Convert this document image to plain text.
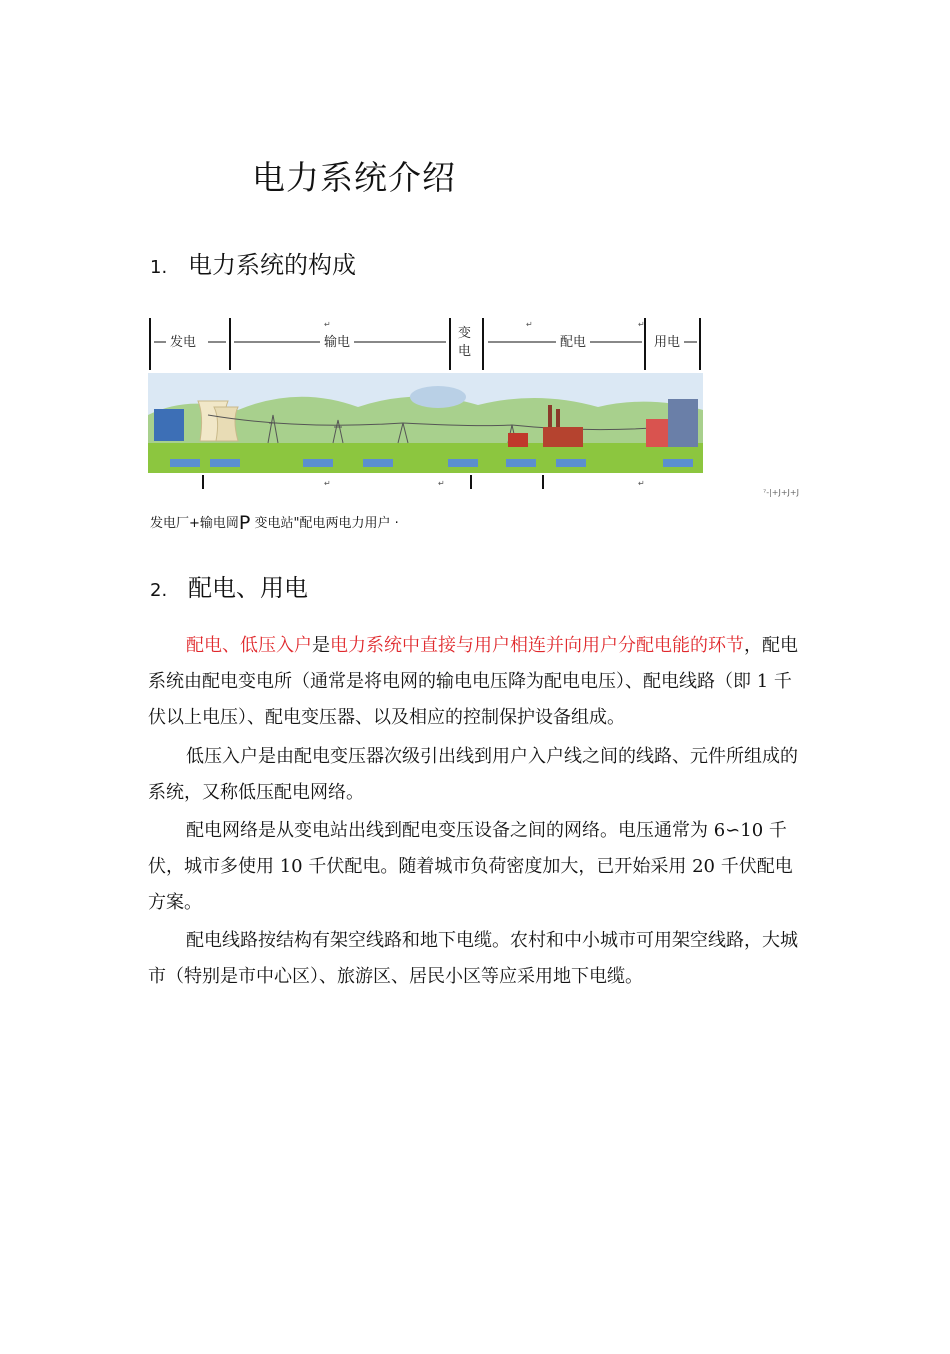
电力系统介绍
1. 电力系统的构成
发电	输电
变
电
配电	用电
↵	↵	↵
↵	↵	↵
⁷-|+J+J+J
发电厂+输电岡P 变电站"配电两电力用户 ·
2. 配电、用电

配电、低压入户是电力系统中直接与用户相连并向用户分配电能的环节，配电系统由配电变电所（通常是将电网的输电电压降为配电电压）、配电线路（即 1 千伏以上电压）、配电变压器、以及相应的控制保护设备组成。

低压入户是由配电变压器次级引出线到用户入户线之间的线路、元件所组成的系统，又称低压配电网络。

配电网络是从变电站出线到配电变压设备之间的网络。电压通常为 6∽10 千伏，城市多使用 10 千伏配电。随着城市负荷密度加大，已开始采用 20 千伏配电方案。

配电线路按结构有架空线路和地下电缆。农村和中小城市可用架空线路，大城市（特别是市中心区）、旅游区、居民小区等应采用地下电缆。
